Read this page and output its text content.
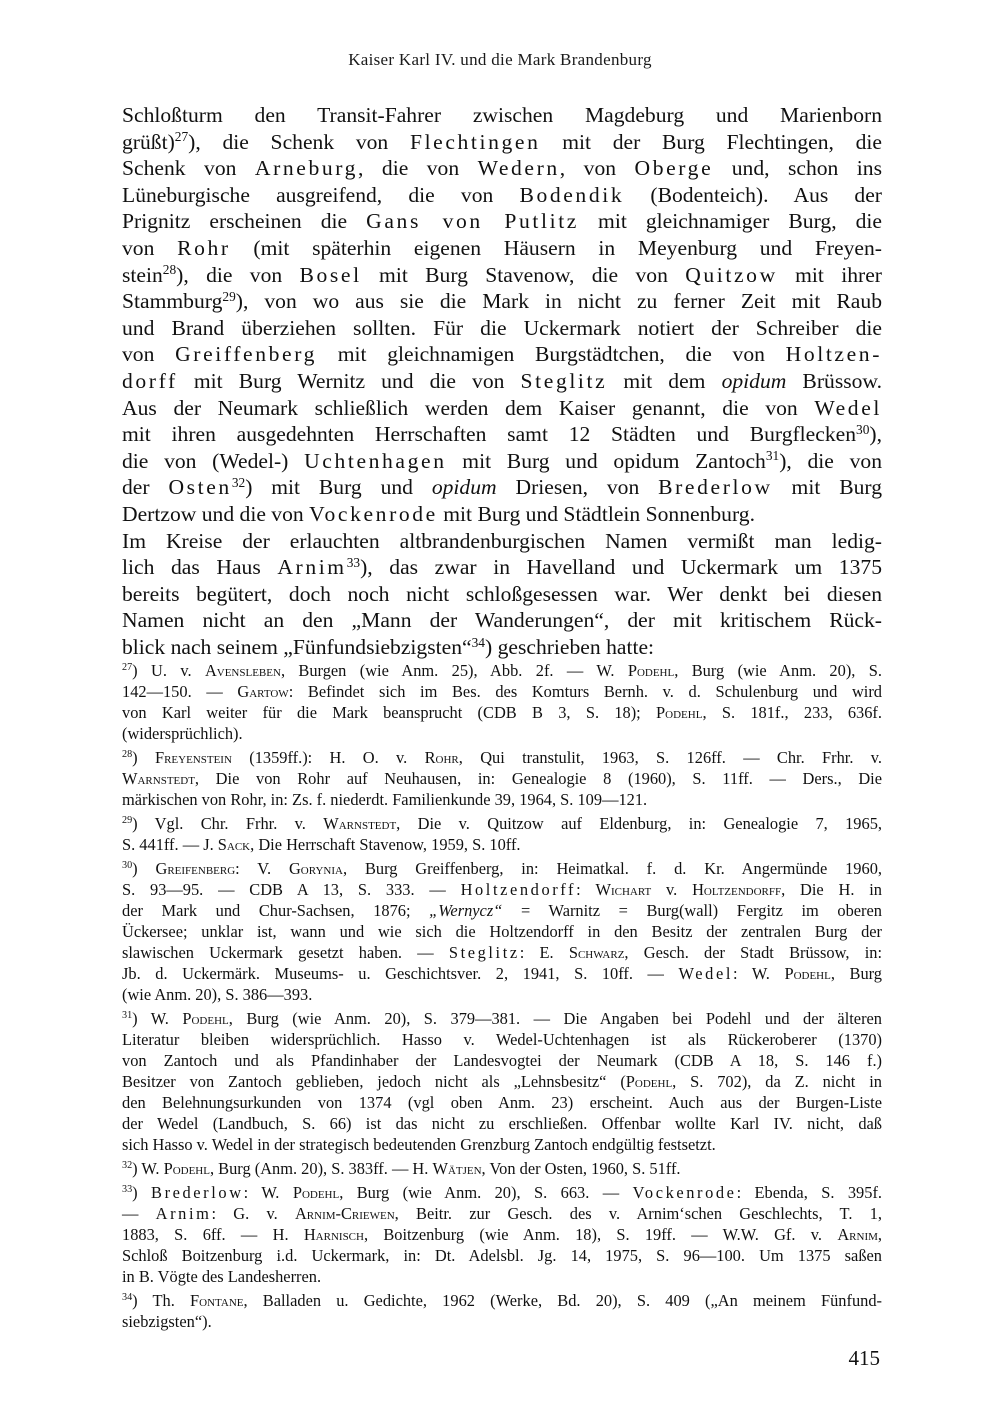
Kaiser Karl IV. und die Mark Brandenburg
Schloßturm den Transit-Fahrer zwischen Magdeburg und Marienborn
grüßt)$^{27}$), die Schenk von Flechtingen mit der Burg Flechtingen, die
Schenk von Arneburg, die von Wedern, von Oberge und, schon ins
Lüneburgische ausgreifend, die von Bodendik (Bodenteich). Aus der
Prignitz erscheinen die Gans von Putlitz mit gleichnamiger Burg, die
von Rohr (mit späterhin eigenen Häusern in Meyenburg und Freyen-
stein$^{28}$), die von Bosel mit Burg Stavenow, die von Quitzow mit ihrer
Stammburg$^{29}$), von wo aus sie die Mark in nicht zu ferner Zeit mit Raub
und Brand überziehen sollten. Für die Uckermark notiert der Schreiber die
von Greiffenberg mit gleichnamigen Burgstädtchen, die von Holtzen-
dorff mit Burg Wernitz und die von Steglitz mit dem opidum Brüssow.
Aus der Neumark schließlich werden dem Kaiser genannt, die von Wedel
mit ihren ausgedehnten Herrschaften samt 12 Städten und Burgflecken$^{30}$),
die von (Wedel-) Uchtenhagen mit Burg und opidum Zantoch$^{31}$), die von
der Osten$^{32}$) mit Burg und opidum Driesen, von Brederlow mit Burg
Dertzow und die von Vockenrode mit Burg und Städtlein Sonnenburg.
Im Kreise der erlauchten altbrandenburgischen Namen vermißt man ledig-
lich das Haus Arnim$^{33}$), das zwar in Havelland und Uckermark um 1375
bereits begütert, doch noch nicht schloßgesessen war. Wer denkt bei diesen
Namen nicht an den „Mann der Wanderungen“, der mit kritischem Rück-
blick nach seinem „Fünfundsiebzigsten“$^{34}$) geschrieben hatte:
$^{27}$) U. v. Avensleben, Burgen (wie Anm. 25), Abb. 2f. — W. Podehl, Burg (wie Anm. 20), S.
142—150. — Gartow: Befindet sich im Bes. des Komturs Bernh. v. d. Schulenburg und wird
von Karl weiter für die Mark beansprucht (CDB B 3, S. 18); Podehl, S. 181f., 233, 636f.
(widersprüchlich).
$^{28}$) Freyenstein (1359ff.): H. O. v. Rohr, Qui transtulit, 1963, S. 126ff. — Chr. Frhr. v.
Warnstedt, Die von Rohr auf Neuhausen, in: Genealogie 8 (1960), S. 11ff. — Ders., Die
märkischen von Rohr, in: Zs. f. niederdt. Familienkunde 39, 1964, S. 109—121.
$^{29}$) Vgl. Chr. Frhr. v. Warnstedt, Die v. Quitzow auf Eldenburg, in: Genealogie 7, 1965,
S. 441ff. — J. Sack, Die Herrschaft Stavenow, 1959, S. 10ff.
$^{30}$) Greifenberg: V. Gorynia, Burg Greiffenberg, in: Heimatkal. f. d. Kr. Angermünde 1960,
S. 93—95. — CDB A 13, S. 333. — Holtzendorff: Wichart v. Holtzendorff, Die H. in
der Mark und Chur-Sachsen, 1876; „Wernycz“ = Warnitz = Burg(wall) Fergitz im oberen
Ückersee; unklar ist, wann und wie sich die Holtzendorff in den Besitz der zentralen Burg der
slawischen Uckermark gesetzt haben. — Steglitz: E. Schwarz, Gesch. der Stadt Brüssow, in:
Jb. d. Uckermärk. Museums- u. Geschichtsver. 2, 1941, S. 10ff. — Wedel: W. Podehl, Burg
(wie Anm. 20), S. 386—393.
$^{31}$) W. Podehl, Burg (wie Anm. 20), S. 379—381. — Die Angaben bei Podehl und der älteren
Literatur bleiben widersprüchlich. Hasso v. Wedel-Uchtenhagen ist als Rückeroberer (1370)
von Zantoch und als Pfandinhaber der Landesvogtei der Neumark (CDB A 18, S. 146 f.)
Besitzer von Zantoch geblieben, jedoch nicht als „Lehnsbesitz“ (Podehl, S. 702), da Z. nicht in
den Belehnungsurkunden von 1374 (vgl oben Anm. 23) erscheint. Auch aus der Burgen-Liste
der Wedel (Landbuch, S. 66) ist das nicht zu erschließen. Offenbar wollte Karl IV. nicht, daß
sich Hasso v. Wedel in der strategisch bedeutenden Grenzburg Zantoch endgültig festsetzt.
$^{32}$) W. Podehl, Burg (Anm. 20), S. 383ff. — H. Wätjen, Von der Osten, 1960, S. 51ff.
$^{33}$) Brederlow: W. Podehl, Burg (wie Anm. 20), S. 663. — Vockenrode: Ebenda, S. 395f.
— Arnim: G. v. Arnim-Criewen, Beitr. zur Gesch. des v. Arnim‘schen Geschlechts, T. 1,
1883, S. 6ff. — H. Harnisch, Boitzenburg (wie Anm. 18), S. 19ff. — W.W. Gf. v. Arnim,
Schloß Boitzenburg i.d. Uckermark, in: Dt. Adelsbl. Jg. 14, 1975, S. 96—100. Um 1375 saßen
in B. Vögte des Landesherren.
$^{34}$) Th. Fontane, Balladen u. Gedichte, 1962 (Werke, Bd. 20), S. 409 („An meinem Fünfund-
siebzigsten“).
415
